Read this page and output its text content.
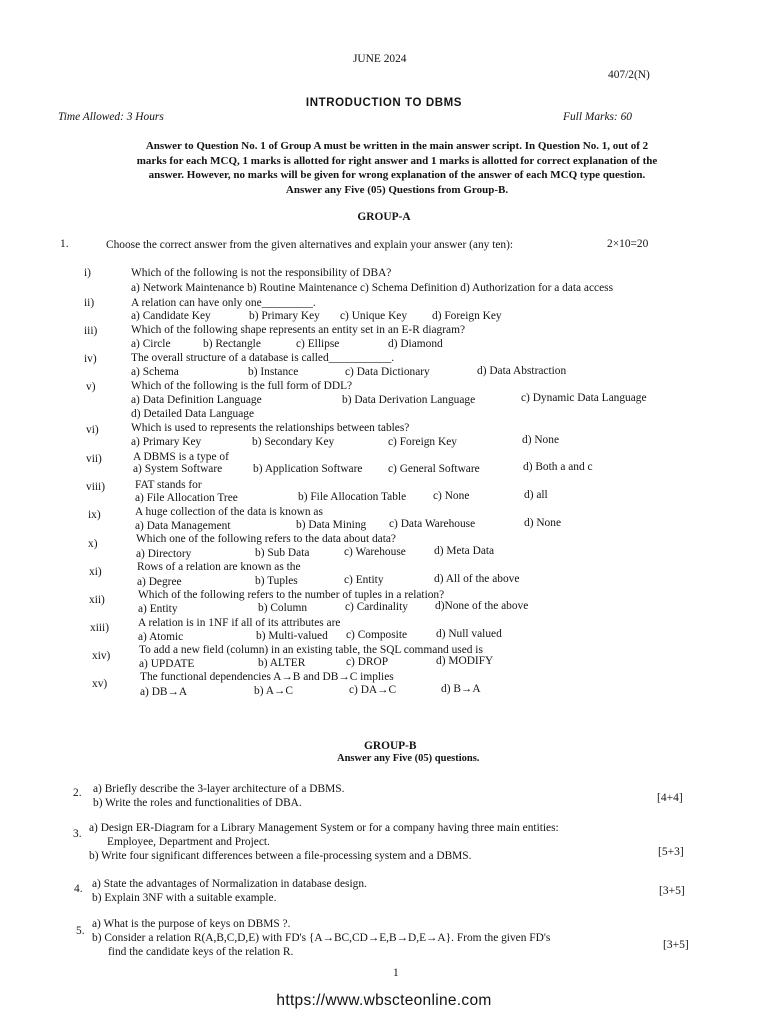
JUNE 2024
407/2(N)
INTRODUCTION TO DBMS
Time Allowed: 3 Hours	Full Marks: 60
Answer to Question No. 1 of Group A must be written in the main answer script. In Question No. 1, out of 2
marks for each MCQ, 1 marks is allotted for right answer and 1 marks is allotted for correct explanation of the
answer. However, no marks will be given for wrong explanation of the answer of each MCQ type question.
Answer any Five (05) Questions from Group-B.
GROUP-A
1.	Choose the correct answer from the given alternatives and explain your answer (any ten):	2×10=20
i)	Which of the following is not the responsibility of DBA?
a) Network Maintenance b) Routine Maintenance c) Schema Definition d) Authorization for a data access
ii)	A relation can have only one_________.
a) Candidate Key	b) Primary Key c) Unique Key d) Foreign Key
iii)	Which of the following shape represents an entity set in an E-R diagram?
a) Circle	b) Rectangle	c) Ellipse	d) Diamond
iv)	The overall structure of a database is called___________.
a) Schema	b) Instance	c) Data Dictionary	d) Data Abstraction
v)	Which of the following is the full form of DDL?
a) Data Definition Language	b) Data Derivation Language	c) Dynamic Data Language
d) Detailed Data Language
vi)	Which is used to represents the relationships between tables?
a) Primary Key	b) Secondary Key	c) Foreign Key	d) None
vii)	A DBMS is a type of
a) System Software	b) Application Software c) General Software	d) Both a and c
viii)	FAT stands for
a) File Allocation Tree	b) File Allocation Table c) None	d) all
ix)	A huge collection of the data is known as
a) Data Management	b) Data Mining c) Data Warehouse	d) None
x)	Which one of the following refers to the data about data?
a) Directory	b) Sub Data	c) Warehouse d) Meta Data
xi)	Rows of a relation are known as the
a) Degree	b) Tuples	c) Entity	d) All of the above
xii)	Which of the following refers to the number of tuples in a relation?
a) Entity	b) Column	c) Cardinality d)None of the above
xiii)	A relation is in 1NF if all of its attributes are
a) Atomic	b) Multi-valued c) Composite	d) Null valued
xiv)	To add a new field (column) in an existing table, the SQL command used is
a) UPDATE	b) ALTER	c) DROP	d) MODIFY
xv)
The functional dependencies A→B and DB→C implies
a) DB→A	b) A→C	c) DA→C	d) B→A
GROUP-B
Answer any Five (05) questions.
2. a) Briefly describe the 3-layer architecture of a DBMS.
b) Write the roles and functionalities of DBA.	[4+4]
3. a) Design ER-Diagram for a Library Management System or for a company having three main entities:
Employee, Department and Project.
b) Write four significant differences between a file-processing system and a DBMS.	[5+3]
4. a) State the advantages of Normalization in database design.
b) Explain 3NF with a suitable example.
[3+5]
5.
a) What is the purpose of keys on DBMS ?.
b) Consider a relation R(A,B,C,D,E) with FD's {A→BC,CD→E,B→D,E→A}. From the given FD's
find the candidate keys of the relation R.
[3+5]
1
https://www.wbscteonline.com
